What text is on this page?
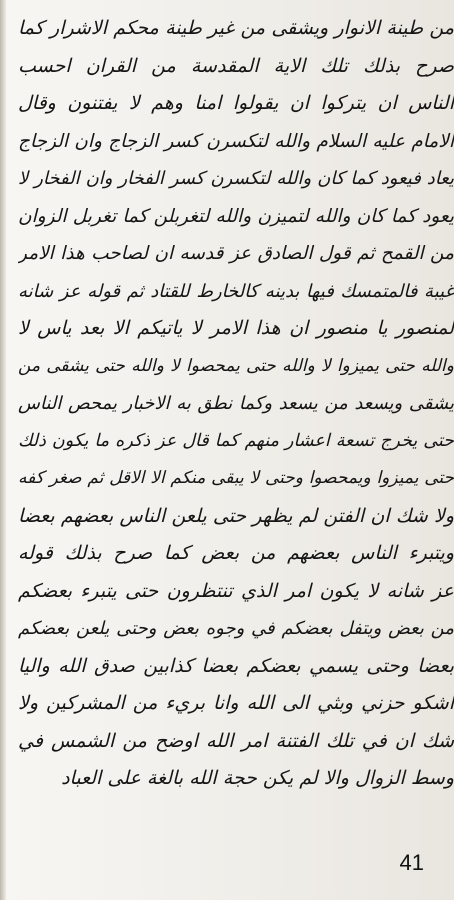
من طينة الانوار ويشقى من غير طينة محكم الاشرار كما
صرح بذلك تلك الاية المقدسة من القران احسب
الناس ان يتركوا ان يقولوا امنا وهم لا يفتنون وقال
الامام عليه السلام والله لتكسرن كسر الزجاج وان الزجاج
يعاد فيعود كما كان والله لتكسرن كسر الفخار وان الفخار لا
يعود كما كان والله لتميزن والله لتغربلن كما تغربل الزوان
من القمح ثم قول الصادق عز قدسه ان لصاحب هذا الامر
غيبة فالمتمسك فيها بدينه كالخارط للقتاد ثم قوله عز شانه
لمنصور يا منصور ان هذا الامر لا ياتيكم الا بعد ياس لا
والله حتى يميزوا لا والله حتى يمحصوا لا والله حتى يشقى من
يشقى ويسعد من يسعد وكما نطق به الاخبار يمحص الناس
حتى يخرج تسعة اعشار منهم كما قال عز ذكره ما يكون ذلك
حتى يميزوا ويمحصوا وحتى لا يبقى منكم الا الاقل ثم صغر كفه
ولا شك ان الفتن لم يظهر حتى يلعن الناس بعضهم بعضا
ويتبرء الناس بعضهم من بعض كما صرح بذلك قوله
عز شانه لا يكون امر الذي تنتظرون حتى يتبرء بعضكم
من بعض ويتفل بعضكم في وجوه بعض وحتى يلعن بعضكم
بعضا وحتى يسمي بعضكم بعضا كذابين صدق الله واليا
اشكو حزني وبثي الى الله وانا بريء من المشركين ولا
شك ان في تلك الفتنة امر الله اوضح من الشمس في
وسط الزوال والا لم يكن حجة الله بالغة على العباد
41
